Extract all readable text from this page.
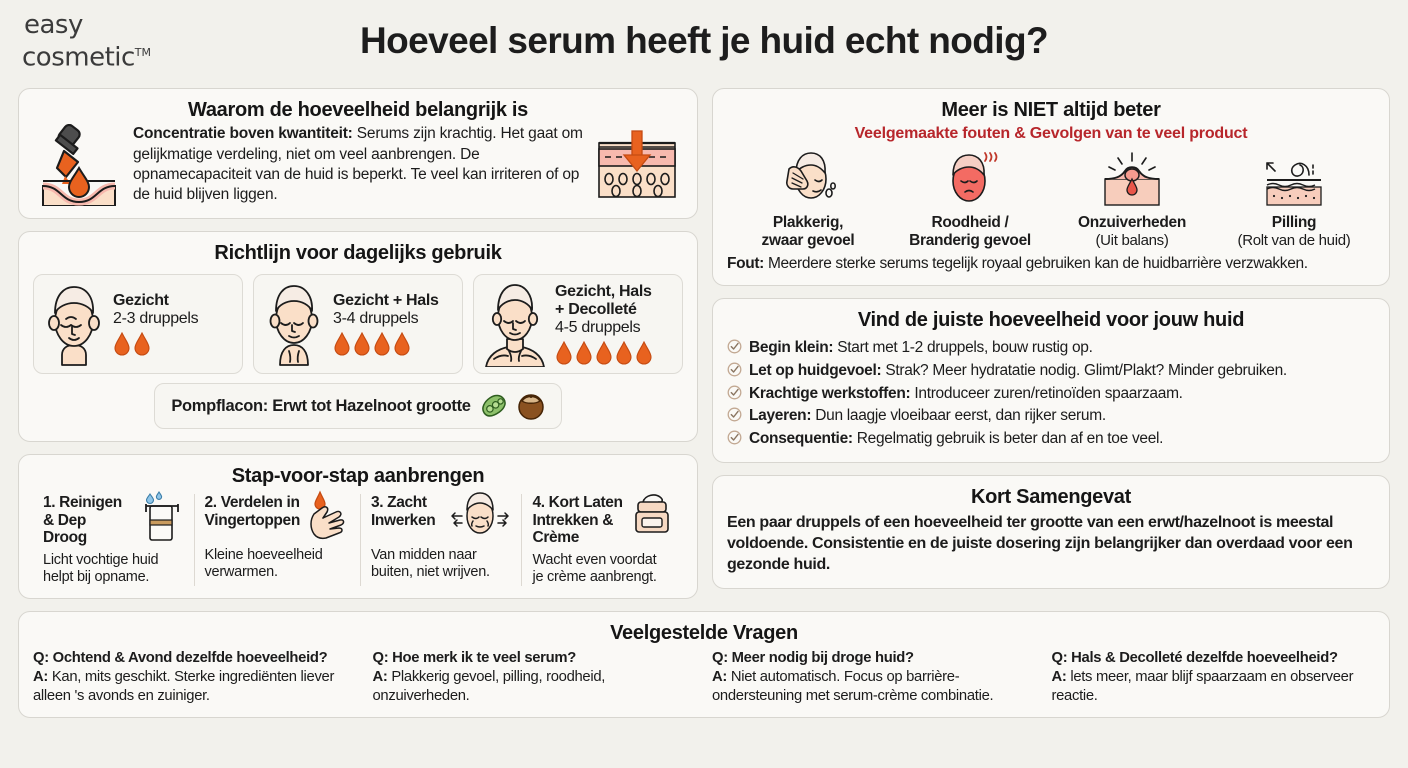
easy
cosmetic™	Hoeveel serum heeft je huid echt nodig?
Waarom de hoeveelheid belangrijk is
Concentratie boven kwantiteit: Serums zijn krachtig. Het gaat om gelijkmatige verdeling, niet om veel aanbrengen. De opnamecapaciteit van de huid is beperkt. Te veel kan irriteren of op de huid blijven liggen.
Richtlijn voor dagelijks gebruik
Gezicht
2-3 druppels
Gezicht + Hals
3-4 druppels
Gezicht, Hals
+ Decolleté
4-5 druppels
Pompflacon: Erwt tot Hazelnoot grootte
Stap-voor-stap aanbrengen
1. Reinigen
& Dep Droog
Licht vochtige huid
helpt bij opname.
2. Verdelen in
Vingertoppen
Kleine hoeveelheid
verwarmen.
3. Zacht
Inwerken
Van midden naar
buiten, niet wrijven.
4. Kort Laten
Intrekken & Crème
Wacht even voordat
je crème aanbrengt.
Meer is NIET altijd beter
Veelgemaakte fouten & Gevolgen van te veel product
Plakkerig,
zwaar gevoel
Roodheid /
Branderig gevoel
Onzuiverheden
(Uit balans)
Pilling
(Rolt van de huid)
Fout: Meerdere sterke serums tegelijk royaal gebruiken kan de huidbarrière verzwakken.
Vind de juiste hoeveelheid voor jouw huid
Begin klein: Start met 1-2 druppels, bouw rustig op.
Let op huidgevoel: Strak? Meer hydratatie nodig. Glimt/Plakt? Minder gebruiken.
Krachtige werkstoffen: Introduceer zuren/retinoïden spaarzaam.
Layeren: Dun laagje vloeibaar eerst, dan rijker serum.
Consequentie: Regelmatig gebruik is beter dan af en toe veel.
Kort Samengevat
Een paar druppels of een hoeveelheid ter grootte van een erwt/hazelnoot is meestal voldoende. Consistentie en de juiste dosering zijn belangrijker dan overdaad voor een gezonde huid.
Veelgestelde Vragen
Q: Ochtend & Avond dezelfde hoeveelheid?
A: Kan, mits geschikt. Sterke ingrediënten liever alleen 's avonds en zuiniger.
Q: Hoe merk ik te veel serum?
A: Plakkerig gevoel, pilling, roodheid, onzuiverheden.
Q: Meer nodig bij droge huid?
A: Niet automatisch. Focus op barrière-ondersteuning met serum-crème combinatie.
Q: Hals & Decolleté dezelfde hoeveelheid?
A: lets meer, maar blijf spaarzaam en observeer reactie.
